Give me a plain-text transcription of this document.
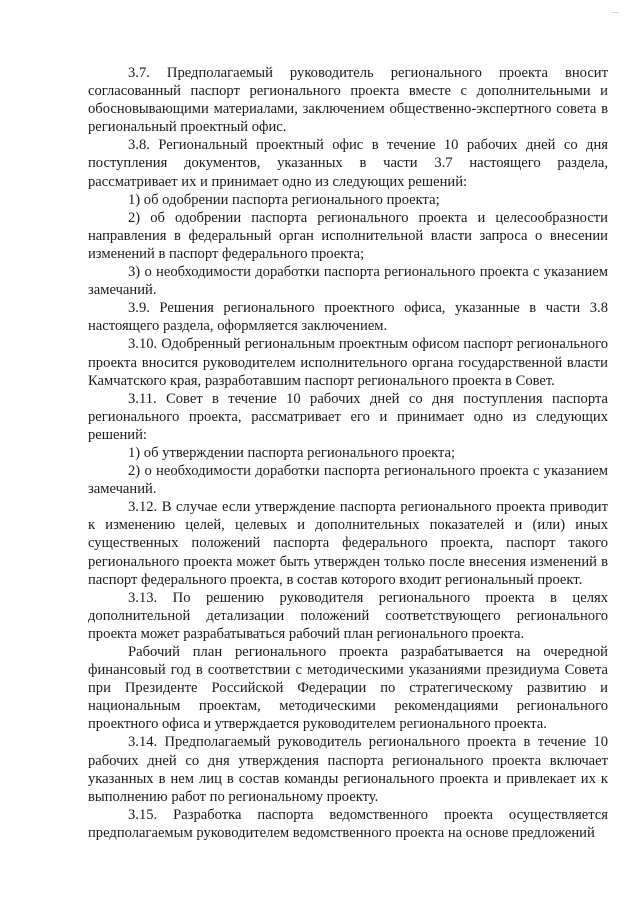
3.7. Предполагаемый руководитель регионального проекта вносит согласованный паспорт регионального проекта вместе с дополнительными и обосновывающими материалами, заключением общественно-экспертного совета в региональный проектный офис.

3.8. Региональный проектный офис в течение 10 рабочих дней со дня поступления документов, указанных в части 3.7 настоящего раздела, рассматривает их и принимает одно из следующих решений:

1) об одобрении паспорта регионального проекта;

2) об одобрении паспорта регионального проекта и целесообразности направления в федеральный орган исполнительной власти запроса о внесении изменений в паспорт федерального проекта;

3) о необходимости доработки паспорта регионального проекта с указанием замечаний.

3.9. Решения регионального проектного офиса, указанные в части 3.8 настоящего раздела, оформляется заключением.

3.10. Одобренный региональным проектным офисом паспорт регионального проекта вносится руководителем исполнительного органа государственной власти Камчатского края, разработавшим паспорт регионального проекта в Совет.

3.11. Совет в течение 10 рабочих дней со дня поступления паспорта регионального проекта, рассматривает его и принимает одно из следующих решений:

1) об утверждении паспорта регионального проекта;

2) о необходимости доработки паспорта регионального проекта с указанием замечаний.

3.12. В случае если утверждение паспорта регионального проекта приводит к изменению целей, целевых и дополнительных показателей и (или) иных существенных положений паспорта федерального проекта, паспорт такого регионального проекта может быть утвержден только после внесения изменений в паспорт федерального проекта, в состав которого входит региональный проект.

3.13. По решению руководителя регионального проекта в целях дополнительной детализации положений соответствующего регионального проекта может разрабатываться рабочий план регионального проекта.

Рабочий план регионального проекта разрабатывается на очередной финансовый год в соответствии с методическими указаниями президиума Совета при Президенте Российской Федерации по стратегическому развитию и национальным проектам, методическими рекомендациями регионального проектного офиса и утверждается руководителем регионального проекта.

3.14. Предполагаемый руководитель регионального проекта в течение 10 рабочих дней со дня утверждения паспорта регионального проекта включает указанных в нем лиц в состав команды регионального проекта и привлекает их к выполнению работ по региональному проекту.

3.15. Разработка паспорта ведомственного проекта осуществляется предполагаемым руководителем ведомственного проекта на основе предложений
